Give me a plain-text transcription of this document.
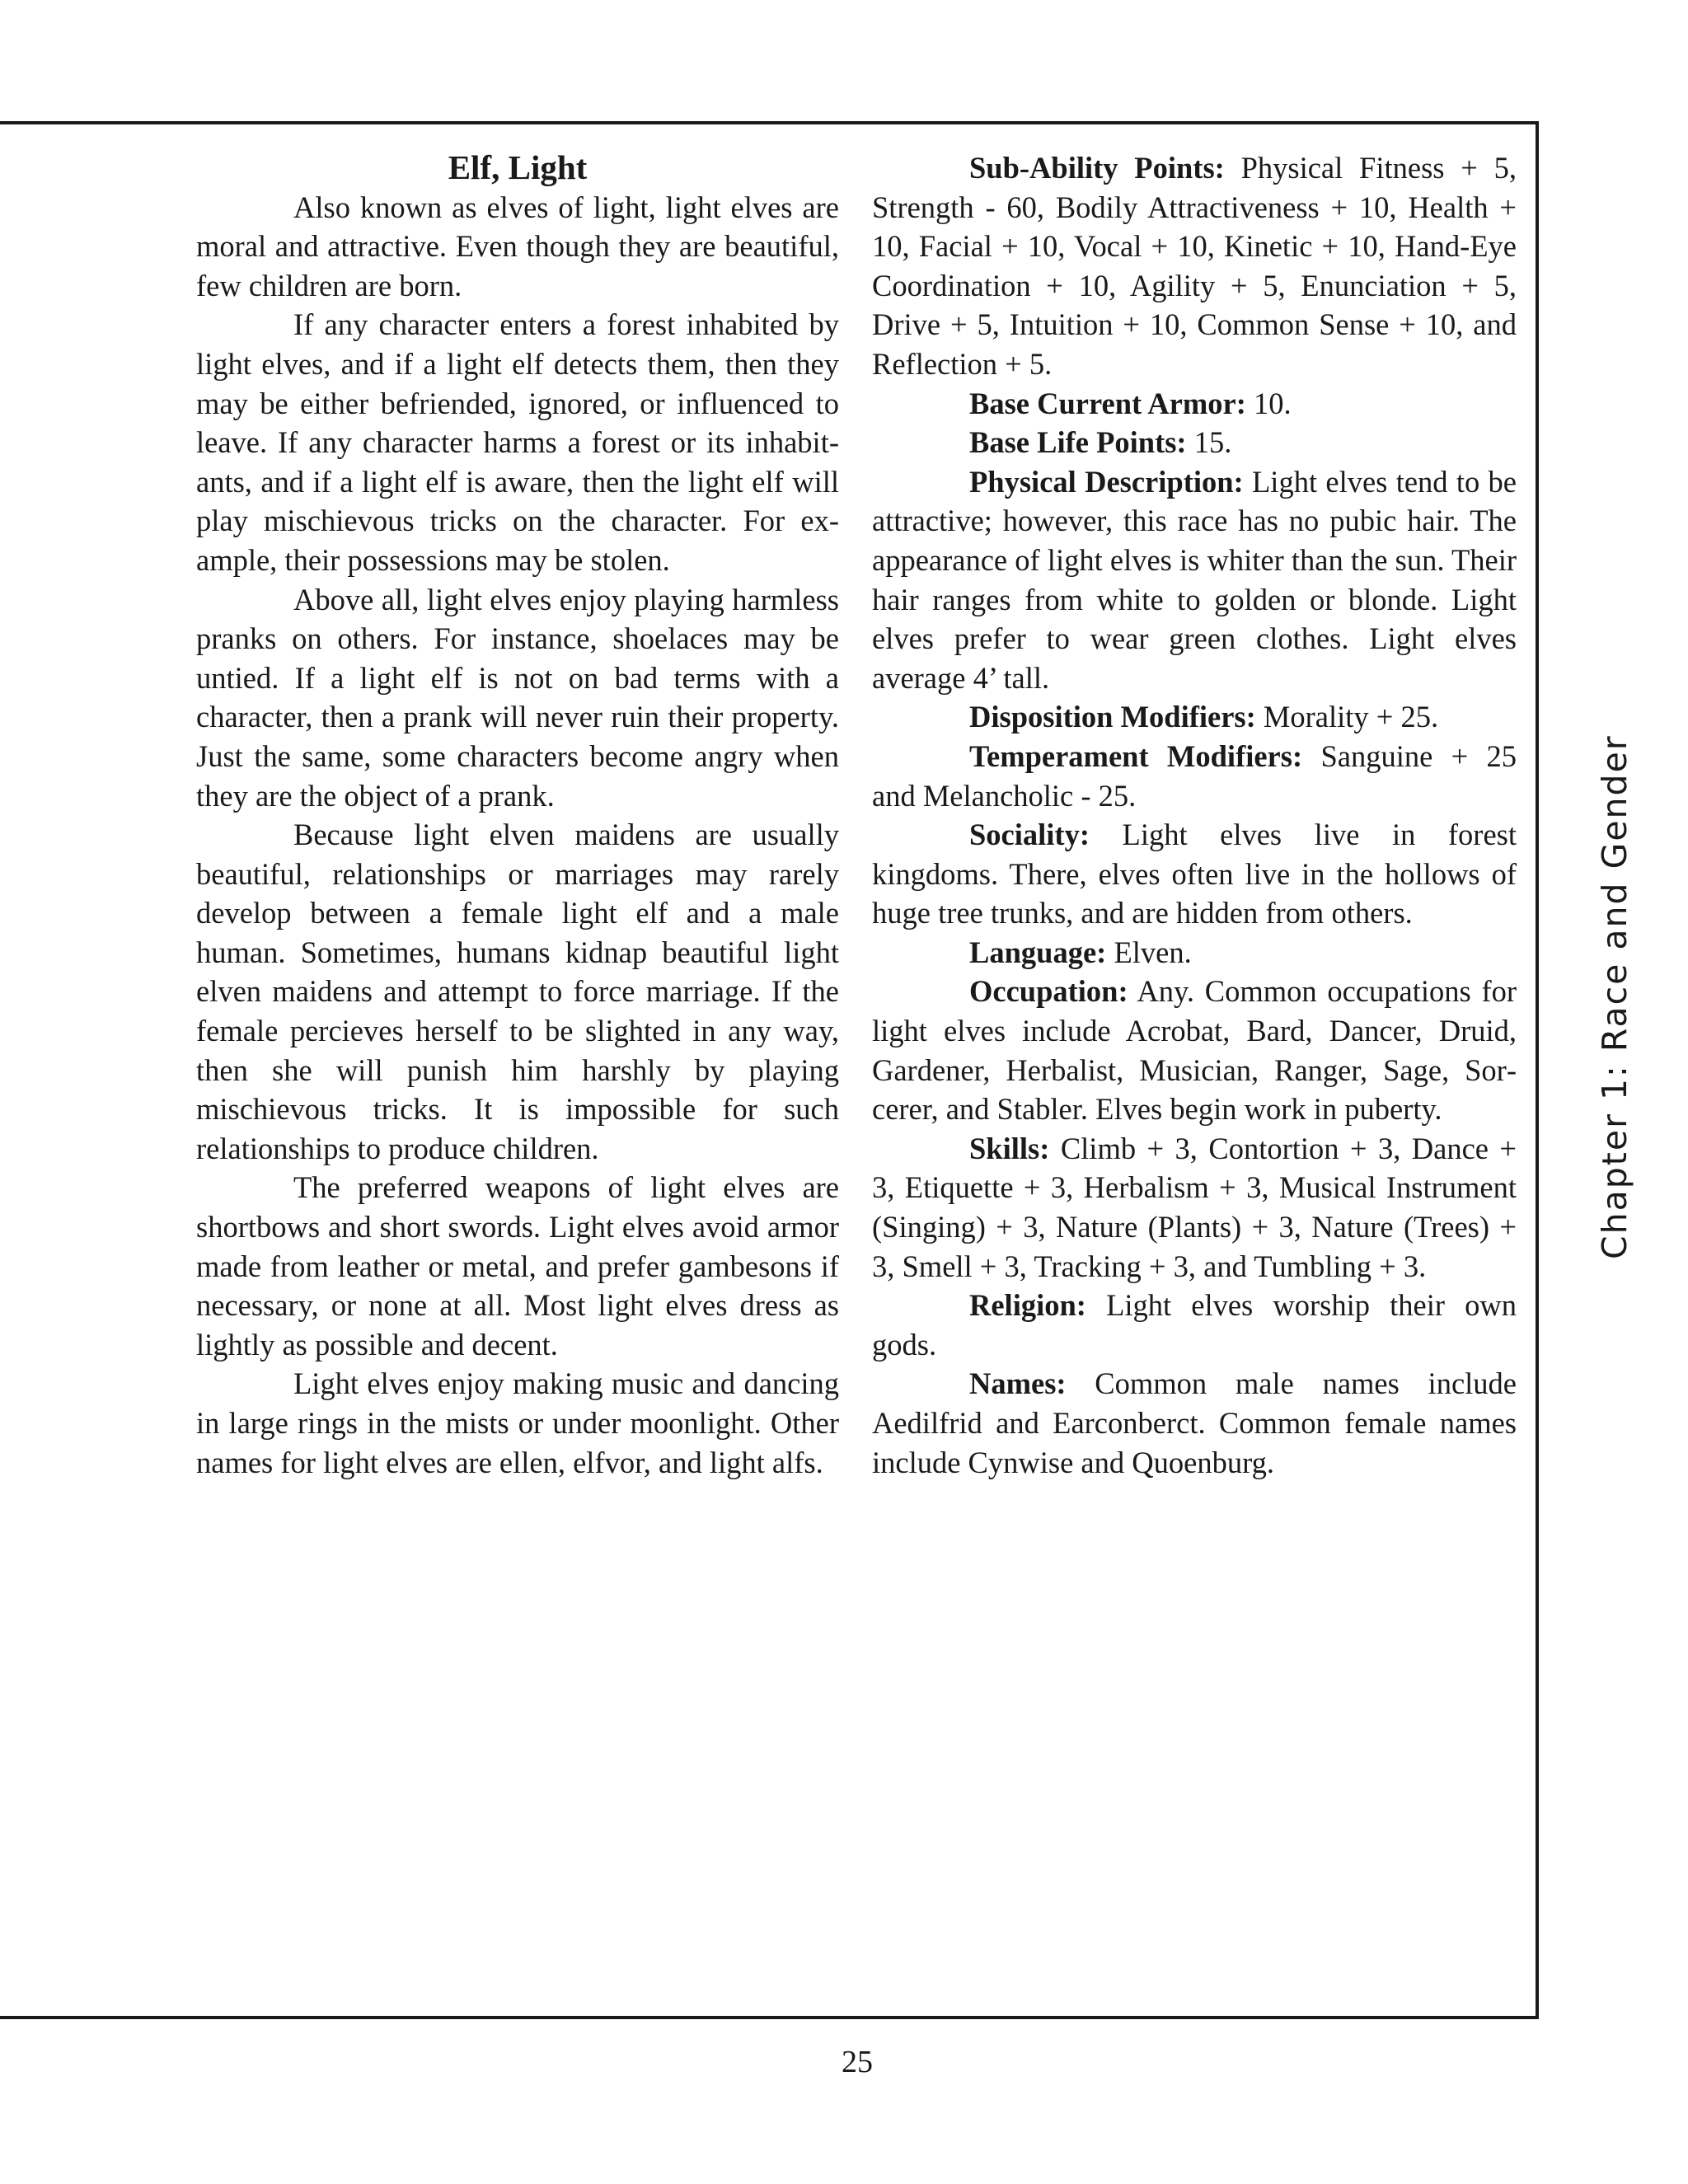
Elf, Light

Also known as elves of light, light elves are moral and attractive. Even though they are beautiful, few children are born.

If any character enters a forest inhabited by light elves, and if a light elf detects them, then they may be either befriended, ignored, or influenced to leave. If any character harms a forest or its inhabitants, and if a light elf is aware, then the light elf will play mischievous tricks on the character. For example, their possessions may be stolen.

Above all, light elves enjoy playing harmless pranks on others. For instance, shoelaces may be untied. If a light elf is not on bad terms with a character, then a prank will never ruin their property. Just the same, some characters become angry when they are the object of a prank.

Because light elven maidens are usually beautiful, relationships or marriages may rarely develop between a female light elf and a male human. Sometimes, humans kidnap beautiful light elven maidens and attempt to force marriage. If the female percieves herself to be slighted in any way, then she will punish him harshly by playing mischievous tricks. It is impossible for such relationships to produce children.

The preferred weapons of light elves are shortbows and short swords. Light elves avoid armor made from leather or metal, and prefer gambesons if necessary, or none at all. Most light elves dress as lightly as possible and decent.

Light elves enjoy making music and dancing in large rings in the mists or under moonlight. Other names for light elves are ellen, elfvor, and light alfs.

Sub-Ability Points: Physical Fitness + 5, Strength - 60, Bodily Attractiveness + 10, Health + 10, Facial + 10, Vocal + 10, Kinetic + 10, Hand-Eye Coordination + 10, Agility + 5, Enunciation + 5, Drive + 5, Intuition + 10, Common Sense + 10, and Reflection + 5.

Base Current Armor: 10.

Base Life Points: 15.

Physical Description: Light elves tend to be attractive; however, this race has no pubic hair. The appearance of light elves is whiter than the sun. Their hair ranges from white to golden or blonde. Light elves prefer to wear green clothes. Light elves average 4’ tall.

Disposition Modifiers: Morality + 25.

Temperament Modifiers: Sanguine + 25 and Melancholic - 25.

Sociality: Light elves live in forest kingdoms. There, elves often live in the hollows of huge tree trunks, and are hidden from others.

Language: Elven.

Occupation: Any. Common occupations for light elves include Acrobat, Bard, Dancer, Druid, Gardener, Herbalist, Musician, Ranger, Sage, Sorcerer, and Stabler. Elves begin work in puberty.

Skills: Climb + 3, Contortion + 3, Dance + 3, Etiquette + 3, Herbalism + 3, Musical Instrument (Singing) + 3, Nature (Plants) + 3, Nature (Trees) + 3, Smell + 3, Tracking + 3, and Tumbling + 3.

Religion: Light elves worship their own gods.

Names: Common male names include Aedilfrid and Earconberct. Common female names include Cynwise and Quoenburg.

Chapter 1: Race and Gender
25
